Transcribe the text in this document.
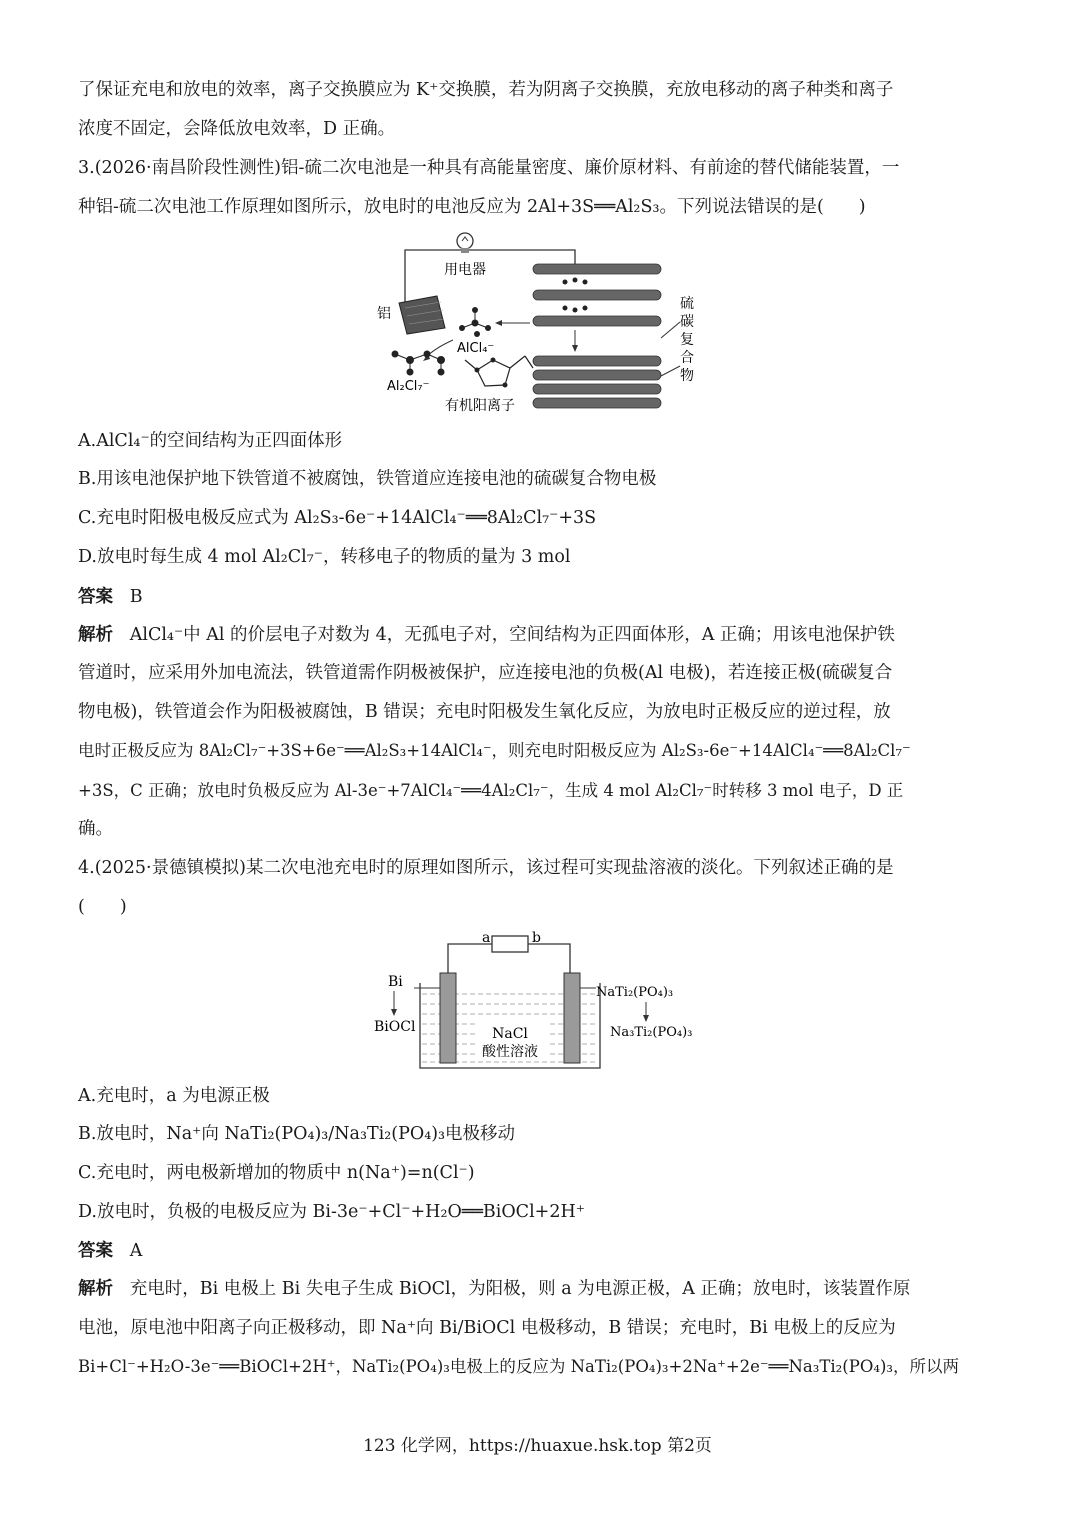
了保证充电和放电的效率，离子交换膜应为 K⁺交换膜，若为阴离子交换膜，充放电移动的离子种类和离子
浓度不固定，会降低放电效率，D 正确。
3.(2026·南昌阶段性测性)铝-硫二次电池是一种具有高能量密度、廉价原材料、有前途的替代储能装置，一
种铝-硫二次电池工作原理如图所示，放电时的电池反应为 2Al+3S══Al₂S₃。下列说法错误的是(　　)
用电器
铝
AlCl₄⁻
Al₂Cl₇⁻
有机阳离子
硫
碳
复
合
物
A.AlCl₄⁻的空间结构为正四面体形
B.用该电池保护地下铁管道不被腐蚀，铁管道应连接电池的硫碳复合物电极
C.充电时阳极电极反应式为 Al₂S₃-6e⁻+14AlCl₄⁻══8Al₂Cl₇⁻+3S
D.放电时每生成 4 mol Al₂Cl₇⁻，转移电子的物质的量为 3 mol
答案 B
解析 AlCl₄⁻中 Al 的价层电子对数为 4，无孤电子对，空间结构为正四面体形，A 正确；用该电池保护铁
管道时，应采用外加电流法，铁管道需作阴极被保护，应连接电池的负极(Al 电极)，若连接正极(硫碳复合
物电极)，铁管道会作为阳极被腐蚀，B 错误；充电时阳极发生氧化反应，为放电时正极反应的逆过程，放
电时正极反应为 8Al₂Cl₇⁻+3S+6e⁻══Al₂S₃+14AlCl₄⁻，则充电时阳极反应为 Al₂S₃-6e⁻+14AlCl₄⁻══8Al₂Cl₇⁻
+3S，C 正确；放电时负极反应为 Al-3e⁻+7AlCl₄⁻══4Al₂Cl₇⁻，生成 4 mol Al₂Cl₇⁻时转移 3 mol 电子，D 正
确。
4.(2025·景德镇模拟)某二次电池充电时的原理如图所示，该过程可实现盐溶液的淡化。下列叙述正确的是
(　　)
a	b
Bi
BiOCl
NaTi₂(PO₄)₃
Na₃Ti₂(PO₄)₃
NaCl
酸性溶液
A.充电时，a 为电源正极
B.放电时，Na⁺向 NaTi₂(PO₄)₃/Na₃Ti₂(PO₄)₃电极移动
C.充电时，两电极新增加的物质中 n(Na⁺)=n(Cl⁻)
D.放电时，负极的电极反应为 Bi-3e⁻+Cl⁻+H₂O══BiOCl+2H⁺
答案 A
解析 充电时，Bi 电极上 Bi 失电子生成 BiOCl，为阳极，则 a 为电源正极，A 正确；放电时，该装置作原
电池，原电池中阳离子向正极移动，即 Na⁺向 Bi/BiOCl 电极移动，B 错误；充电时，Bi 电极上的反应为
Bi+Cl⁻+H₂O-3e⁻══BiOCl+2H⁺，NaTi₂(PO₄)₃电极上的反应为 NaTi₂(PO₄)₃+2Na⁺+2e⁻══Na₃Ti₂(PO₄)₃，所以两
123 化学网，https://huaxue.hsk.top 第2页
